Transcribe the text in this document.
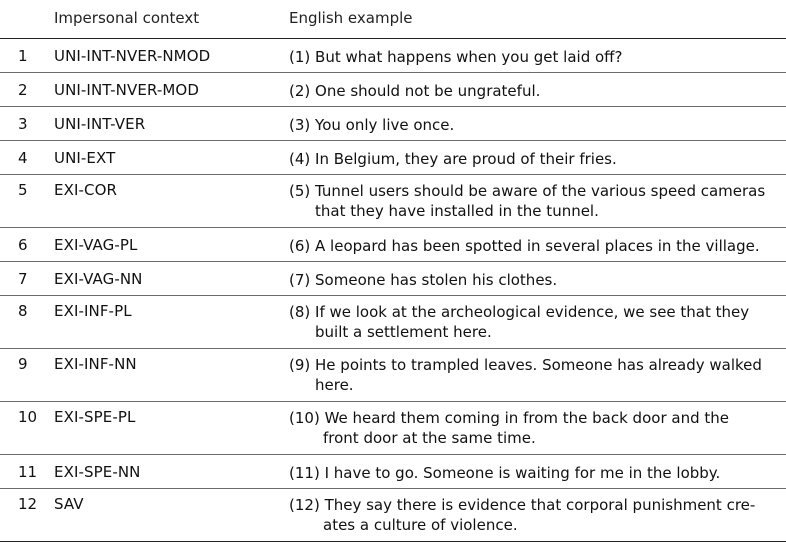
Impersonal context	English example
1 UNI-INT-NVER-NMOD	(1) But what happens when you get laid off?
2 UNI-INT-NVER-MOD	(2) One should not be ungrateful.
3 UNI-INT-VER	(3) You only live once.
4 UNI-EXT	(4) In Belgium, they are proud of their fries.
5 EXI-COR	(5) Tunnel users should be aware of the various speed cameras
that they have installed in the tunnel.
6 EXI-VAG-PL	(6) A leopard has been spotted in several places in the village.
7 EXI-VAG-NN	(7) Someone has stolen his clothes.
8 EXI-INF-PL	(8) If we look at the archeological evidence, we see that they
built a settlement here.
9 EXI-INF-NN	(9) He points to trampled leaves. Someone has already walked
here.
10 EXI-SPE-PL	(10) We heard them coming in from the back door and the
front door at the same time.
11 EXI-SPE-NN	(11) I have to go. Someone is waiting for me in the lobby.
12 SAV	(12) They say there is evidence that corporal punishment cre-
ates a culture of violence.
